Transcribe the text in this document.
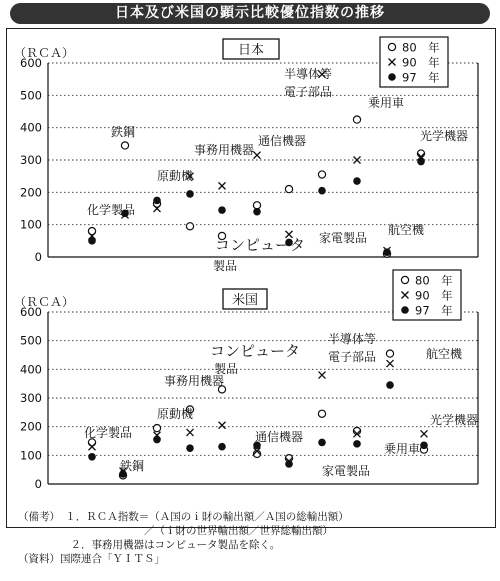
日本及び米国の顕示比較優位指数の推移
（ＲＣＡ）
0
100
200
300
400
500
600
日本	80　年
90　年
97　年
化学製品
鉄鋼
原動機
事務用機器
コンピュータ
製品
通信機器
家電製品
半導体等
電子部品
乗用車
航空機
光学機器
（ＲＣＡ）
0
100
200
300
400
500
600
米国
80　年
90　年
97　年
化学製品
鉄鋼
原動機
事務用機器
コンピュータ
製品
通信機器
家電製品
半導体等
電子部品
乗用車
航空機
光学機器
（備考）　１．ＲＣＡ指数＝（Ａ国のｉ財の輸出額／Ａ国の総輸出額）
　　　　　　　　　　　　／（ｉ財の世界輸出額／世界総輸出額）
　　　　　２．事務用機器はコンピュータ製品を除く。
（資料）国際連合「ＹＩＴＳ」
